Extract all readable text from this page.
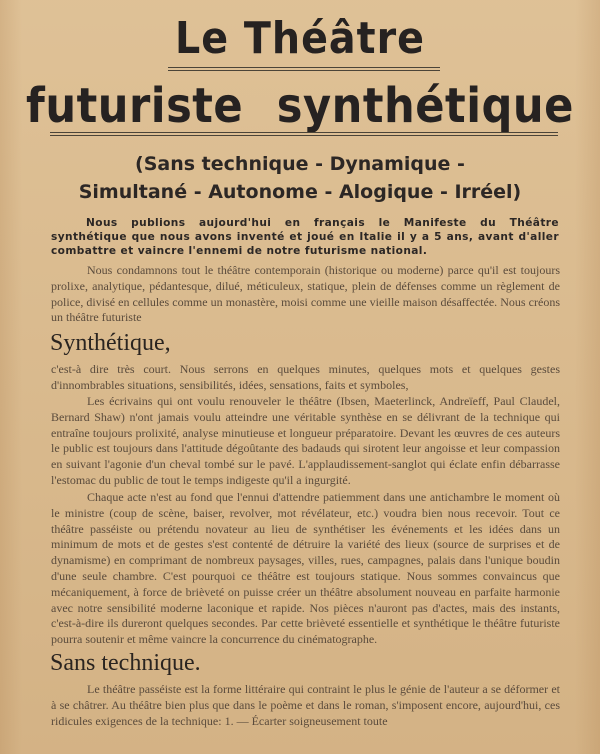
Le Théâtre
futuriste synthétique
(Sans technique - Dynamique -
Simultané - Autonome - Alogique - Irréel)

Nous publions aujourd'hui en français le Manifeste du Théâtre synthétique que nous avons inventé et joué en Italie il y a 5 ans, avant d'aller combattre et vaincre l'ennemi de notre futurisme national.

Nous condamnons tout le théâtre contemporain (historique ou moderne) parce qu'il est toujours prolixe, analytique, pédantesque, dilué, méticuleux, statique, plein de défenses comme un règlement de police, divisé en cellules comme un monastère, moisi comme une vieille maison désaffectée. Nous créons un théâtre futuriste

Synthétique,

c'est-à dire très court. Nous serrons en quelques minutes, quelques mots et quelques gestes d'innombrables situations, sensibilités, idées, sensations, faits et symboles,

Les écrivains qui ont voulu renouveler le théâtre (Ibsen, Maeterlinck, Andreïeff, Paul Claudel, Bernard Shaw) n'ont jamais voulu atteindre une véritable synthèse en se délivrant de la technique qui entraîne toujours prolixité, analyse minutieuse et longueur préparatoire. Devant les œuvres de ces auteurs le public est toujours dans l'attitude dégoûtante des badauds qui sirotent leur angoisse et leur compassion en suivant l'agonie d'un cheval tombé sur le pavé. L'applaudissement-sanglot qui éclate enfin débarrasse l'estomac du public de tout le temps indigeste qu'il a ingurgité.

Chaque acte n'est au fond que l'ennui d'attendre patiemment dans une antichambre le moment où le ministre (coup de scène, baiser, revolver, mot révélateur, etc.) voudra bien nous recevoir. Tout ce théâtre passéiste ou prétendu novateur au lieu de synthétiser les événements et les idées dans un minimum de mots et de gestes s'est contenté de détruire la variété des lieux (source de surprises et de dynamisme) en comprimant de nombreux paysages, villes, rues, campagnes, palais dans l'unique boudin d'une seule chambre. C'est pourquoi ce théâtre est toujours statique. Nous sommes convaincus que mécaniquement, à force de brièveté on puisse créer un théâtre absolument nouveau en parfaite harmonie avec notre sensibilité moderne laconique et rapide. Nos pièces n'auront pas d'actes, mais des instants, c'est-à-dire ils dureront quelques secondes. Par cette brièveté essentielle et synthétique le théâtre futuriste pourra soutenir et même vaincre la concurrence du cinématographe.

Sans technique.

Le théâtre passéiste est la forme littéraire qui contraint le plus le génie de l'auteur a se déformer et à se châtrer. Au théâtre bien plus que dans le poème et dans le roman, s'imposent encore, aujourd'hui, ces ridicules exigences de la technique: 1. — Écarter soigneusement toute
